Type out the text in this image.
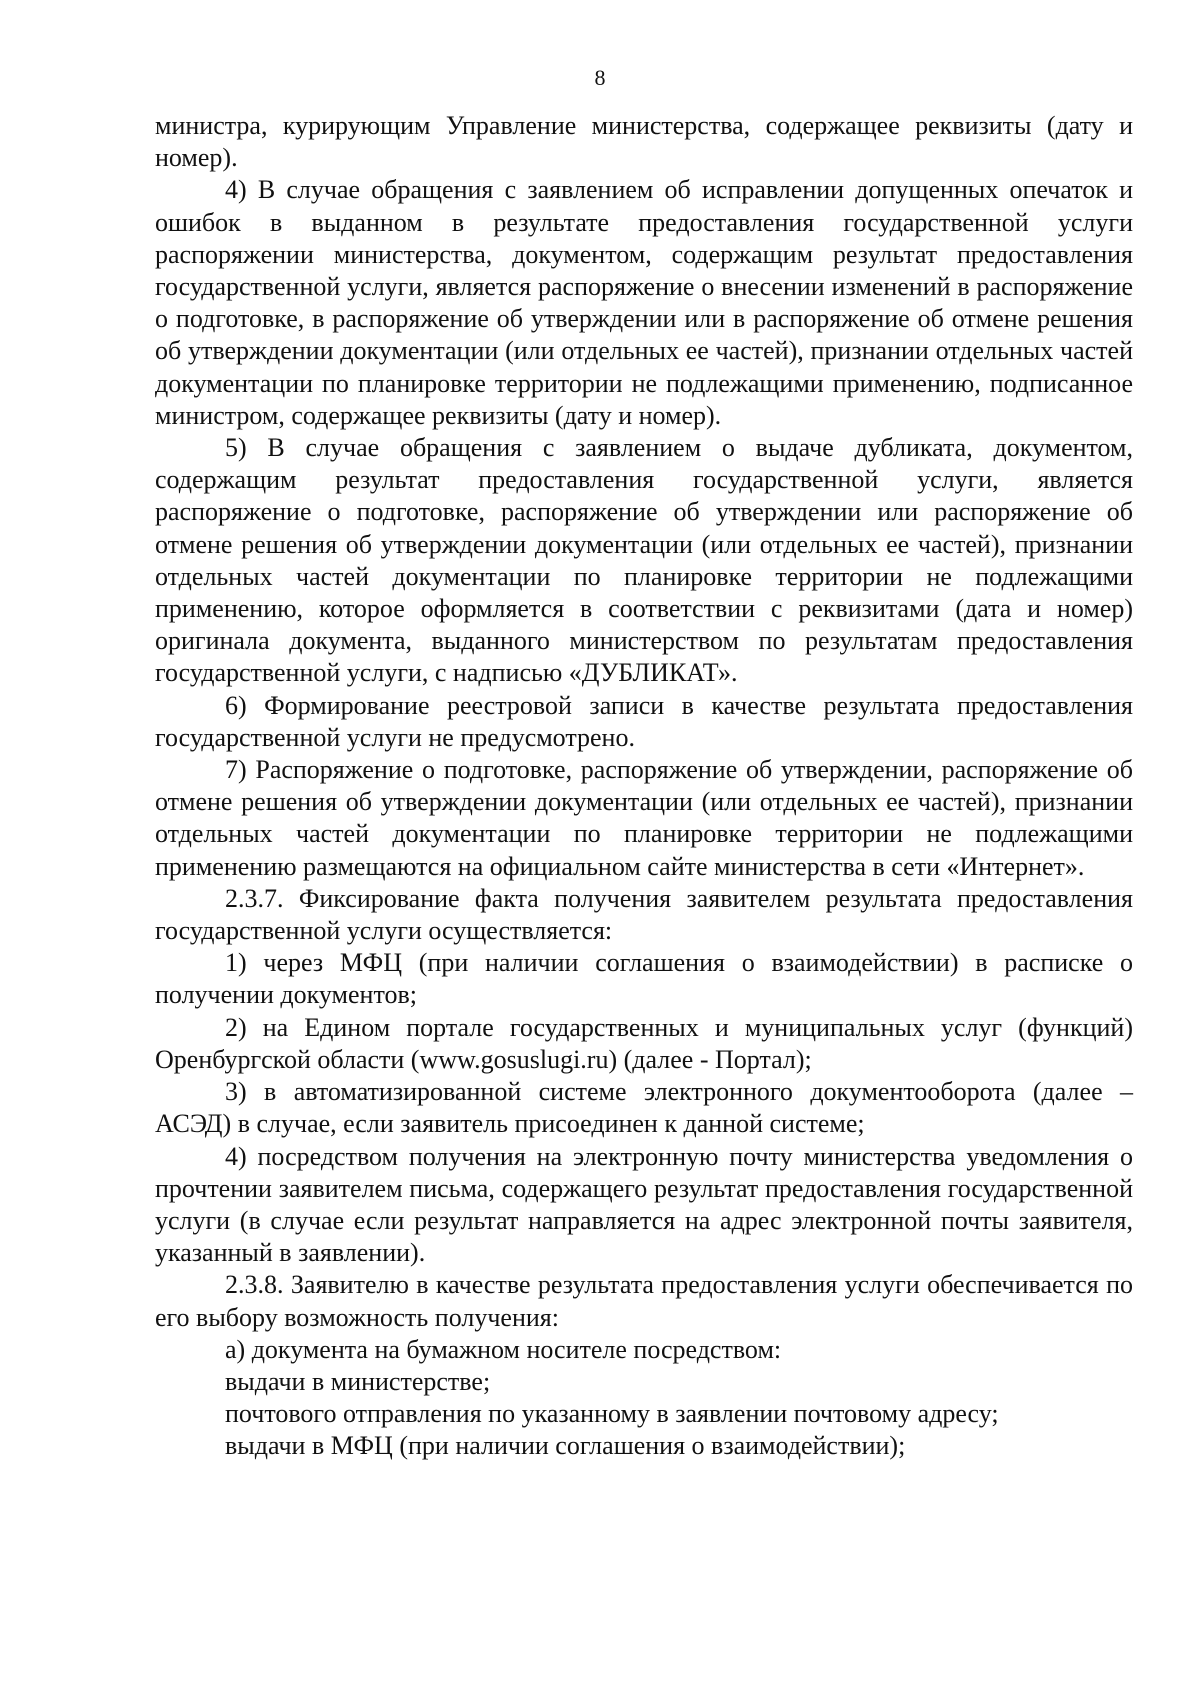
8

министра, курирующим Управление министерства, содержащее реквизиты (дату и номер).

4) В случае обращения с заявлением об исправлении допущенных опечаток и ошибок в выданном в результате предоставления государственной услуги распоряжении министерства, документом, содержащим результат предоставления государственной услуги, является распоряжение о внесении изменений в распоряжение о подготовке, в распоряжение об утверждении или в распоряжение об отмене решения об утверждении документации (или отдельных ее частей), признании отдельных частей документации по планировке территории не подлежащими применению, подписанное министром, содержащее реквизиты (дату и номер).

5) В случае обращения с заявлением о выдаче дубликата, документом, содержащим результат предоставления государственной услуги, является распоряжение о подготовке, распоряжение об утверждении или распоряжение об отмене решения об утверждении документации (или отдельных ее частей), признании отдельных частей документации по планировке территории не подлежащими применению, которое оформляется в соответствии с реквизитами (дата и номер) оригинала документа, выданного министерством по результатам предоставления государственной услуги, с надписью «ДУБЛИКАТ».

6) Формирование реестровой записи в качестве результата предоставления государственной услуги не предусмотрено.

7) Распоряжение о подготовке, распоряжение об утверждении, распоряжение об отмене решения об утверждении документации (или отдельных ее частей), признании отдельных частей документации по планировке территории не подлежащими применению размещаются на официальном сайте министерства в сети «Интернет».

2.3.7. Фиксирование факта получения заявителем результата предоставления государственной услуги осуществляется:

1) через МФЦ (при наличии соглашения о взаимодействии) в расписке о получении документов;

2) на Едином портале государственных и муниципальных услуг (функций) Оренбургской области (www.gosuslugi.ru) (далее - Портал);

3) в автоматизированной системе электронного документооборота (далее – АСЭД) в случае, если заявитель присоединен к данной системе;

4) посредством получения на электронную почту министерства уведомления о прочтении заявителем письма, содержащего результат предоставления государственной услуги (в случае если результат направляется на адрес электронной почты заявителя, указанный в заявлении).

2.3.8. Заявителю в качестве результата предоставления услуги обеспечивается по его выбору возможность получения:

а) документа на бумажном носителе посредством:

выдачи в министерстве;

почтового отправления по указанному в заявлении почтовому адресу;

выдачи в МФЦ (при наличии соглашения о взаимодействии);
